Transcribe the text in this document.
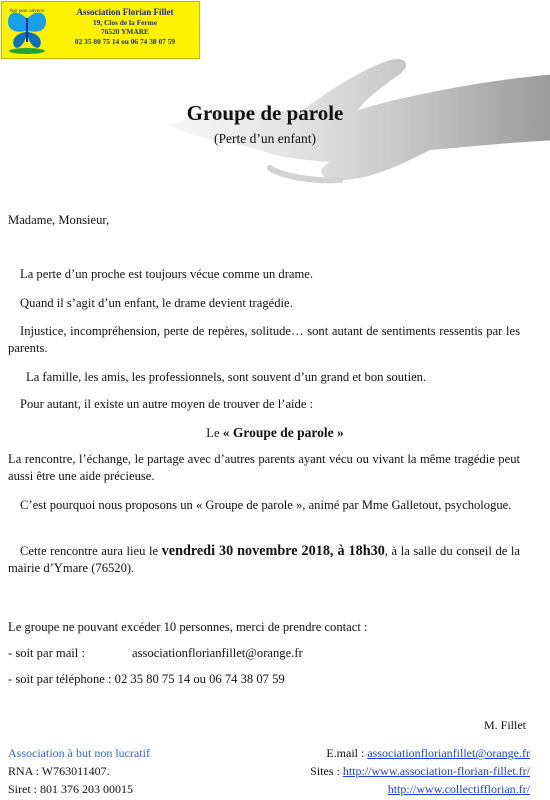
Agir pour advenir	Association Florian Fillet
19, Clos de la Ferme
76520 YMARE
02 35 80 75 14 ou 06 74 38 07 59
Groupe de parole
(Perte d’un enfant)
Madame, Monsieur,
La perte d’un proche est toujours vécue comme un drame.
Quand il s’agit d’un enfant, le drame devient tragédie.
Injustice, incompréhension, perte de repères, solitude… sont autant de sentiments ressentis par les parents.
La famille, les amis, les professionnels, sont souvent d’un grand et bon soutien.
Pour autant, il existe un autre moyen de trouver de l’aide :
Le « Groupe de parole »
La rencontre, l’échange, le partage avec d’autres parents ayant vécu ou vivant la même tragédie peut aussi être une aide précieuse.
C’est pourquoi nous proposons un « Groupe de parole », animé par Mme Galletout, psychologue.
Cette rencontre aura lieu le vendredi 30 novembre 2018, à 18h30, à la salle du conseil de la mairie d’Ymare (76520).
Le groupe ne pouvant excéder 10 personnes, merci de prendre contact :
- soit par mail :	associationflorianfillet@orange.fr
- soit par téléphone : 02 35 80 75 14 ou 06 74 38 07 59
M. Fillet
Association à but non lucratif
RNA : W763011407.
Siret : 801 376 203 00015
E.mail : associationflorianfillet@orange.fr
Sites : http://www.association-florian-fillet.fr/
http://www.collectifflorian.fr/
